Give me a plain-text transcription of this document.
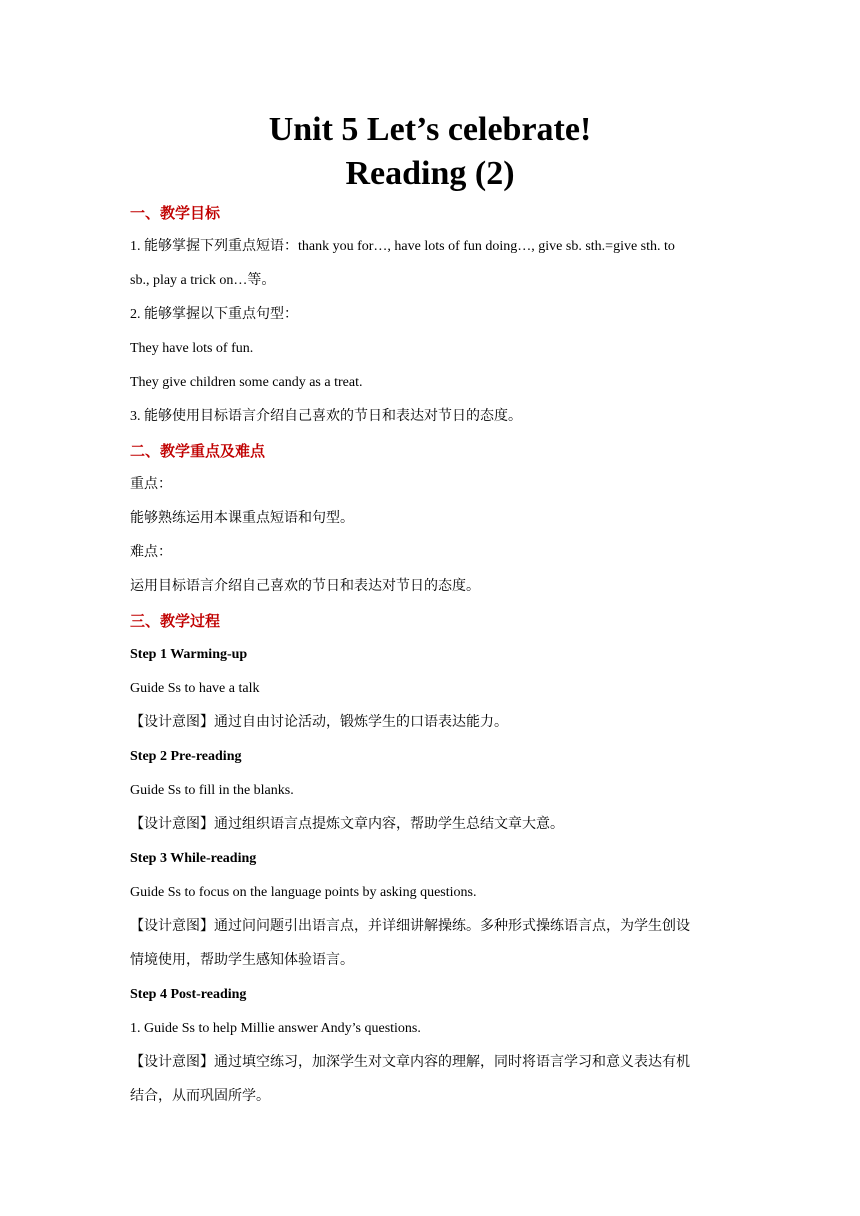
Unit 5 Let’s celebrate!
Reading (2)
一、教学目标
1. 能够掌握下列重点短语：thank you for…, have lots of fun doing…, give sb. sth.=give sth. to
sb., play a trick on…等。
2. 能够掌握以下重点句型：
They have lots of fun.
They give children some candy as a treat.
3. 能够使用目标语言介绍自己喜欢的节日和表达对节日的态度。
二、教学重点及难点
重点：
能够熟练运用本课重点短语和句型。
难点：
运用目标语言介绍自己喜欢的节日和表达对节日的态度。
三、教学过程
Step 1 Warming-up
Guide Ss to have a talk
【设计意图】通过自由讨论活动，锻炼学生的口语表达能力。
Step 2 Pre-reading
Guide Ss to fill in the blanks.
【设计意图】通过组织语言点提炼文章内容，帮助学生总结文章大意。
Step 3 While-reading
Guide Ss to focus on the language points by asking questions.
【设计意图】通过问问题引出语言点，并详细讲解操练。多种形式操练语言点，为学生创设
情境使用，帮助学生感知体验语言。
Step 4 Post-reading
1. Guide Ss to help Millie answer Andy’s questions.
【设计意图】通过填空练习，加深学生对文章内容的理解，同时将语言学习和意义表达有机
结合，从而巩固所学。
